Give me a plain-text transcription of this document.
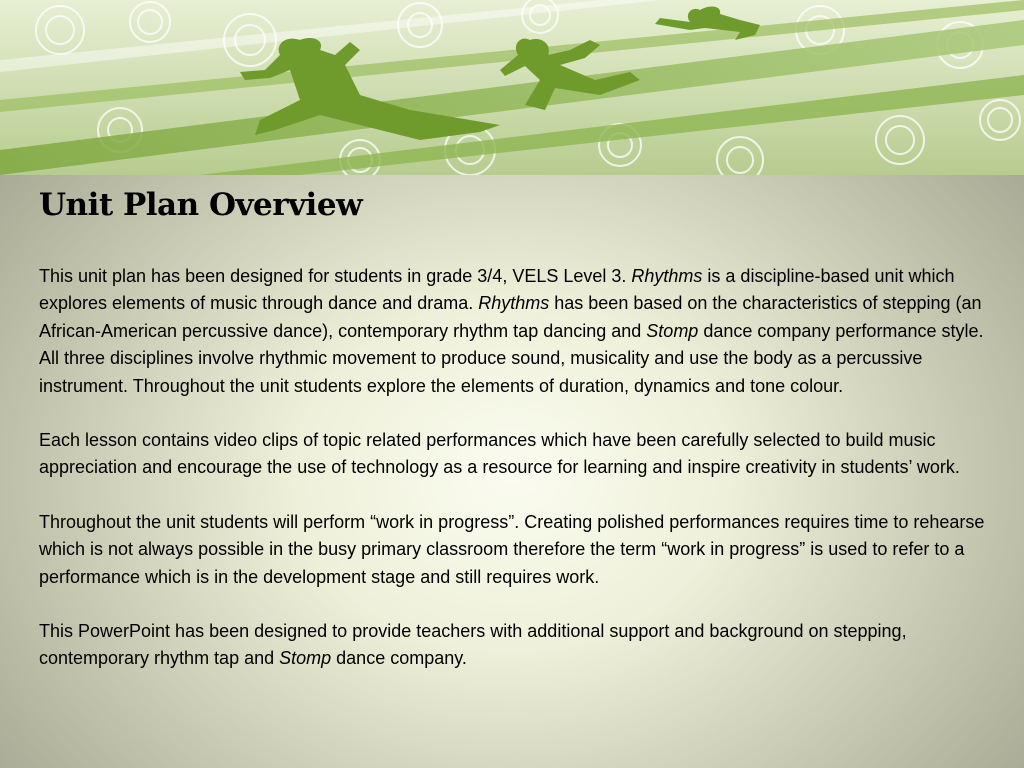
Unit Plan Overview

This unit plan has been designed for students in grade 3/4, VELS Level 3. Rhythms is a discipline-based unit which explores elements of music through dance and drama. Rhythms has been based on the characteristics of stepping (an African-American percussive dance), contemporary rhythm tap dancing and Stomp dance company performance style. All three disciplines involve rhythmic movement to produce sound, musicality and use the body as a percussive instrument. Throughout the unit students explore the elements of duration, dynamics and tone colour.

Each lesson contains video clips of topic related performances which have been carefully selected to build music appreciation and encourage the use of technology as a resource for learning and inspire creativity in students’ work.

Throughout the unit students will perform “work in progress”. Creating polished performances requires time to rehearse which is not always possible in the busy primary classroom therefore the term “work in progress” is used to refer to a performance which is in the development stage and still requires work.

This PowerPoint has been designed to provide teachers with additional support and background on stepping, contemporary rhythm tap and Stomp dance company.
